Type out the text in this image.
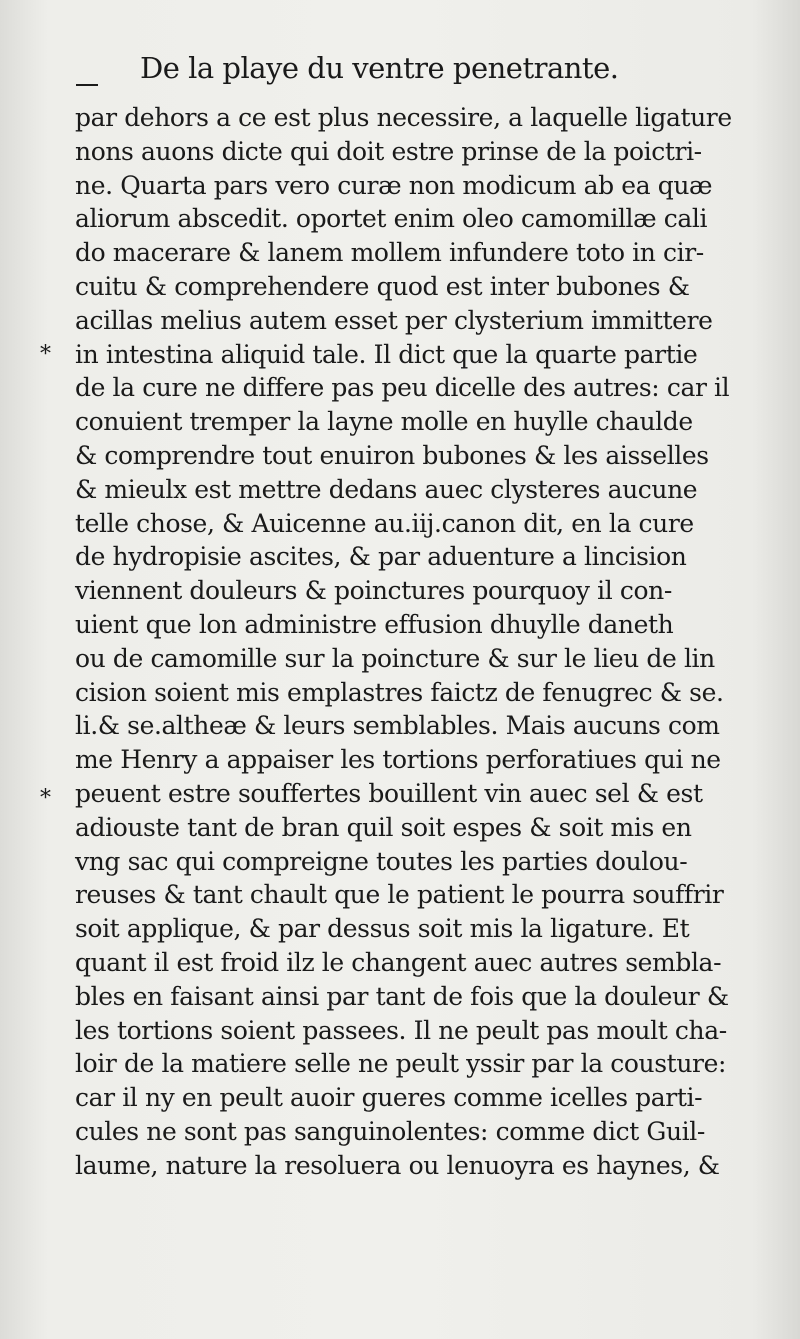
De la playe du ventre penetrante.
*
*
par dehors a ce est plus necessire, a laquelle ligature
nons auons dicte qui doit estre prinse de la poictri-
ne. Quarta pars vero curæ non modicum ab ea quæ
aliorum abscedit. oportet enim oleo camomillæ cali
do macerare & lanem mollem infundere toto in cir-
cuitu & comprehendere quod est inter bubones &
acillas melius autem esset per clysterium immittere
in intestina aliquid tale. Il dict que la quarte partie
de la cure ne differe pas peu dicelle des autres: car il
conuient tremper la layne molle en huylle chaulde
& comprendre tout enuiron bubones & les aisselles
& mieulx est mettre dedans auec clysteres aucune
telle chose, & Auicenne au.iij.canon dit, en la cure
de hydropisie ascites, & par aduenture a lincision
viennent douleurs & poinctures pourquoy il con-
uient que lon administre effusion dhuylle daneth
ou de camomille sur la poincture & sur le lieu de lin
cision soient mis emplastres faictz de fenugrec & se.
li.& se.altheæ & leurs semblables. Mais aucuns com
me Henry a appaiser les tortions perforatiues qui ne
peuent estre souffertes bouillent vin auec sel & est
adiouste tant de bran quil soit espes & soit mis en
vng sac qui compreigne toutes les parties doulou-
reuses & tant chault que le patient le pourra souffrir
soit applique, & par dessus soit mis la ligature. Et
quant il est froid ilz le changent auec autres sembla-
bles en faisant ainsi par tant de fois que la douleur &
les tortions soient passees. Il ne peult pas moult cha-
loir de la matiere selle ne peult yssir par la cousture:
car il ny en peult auoir gueres comme icelles parti-
cules ne sont pas sanguinolentes: comme dict Guil-
laume, nature la resoluera ou lenuoyra es haynes, &
